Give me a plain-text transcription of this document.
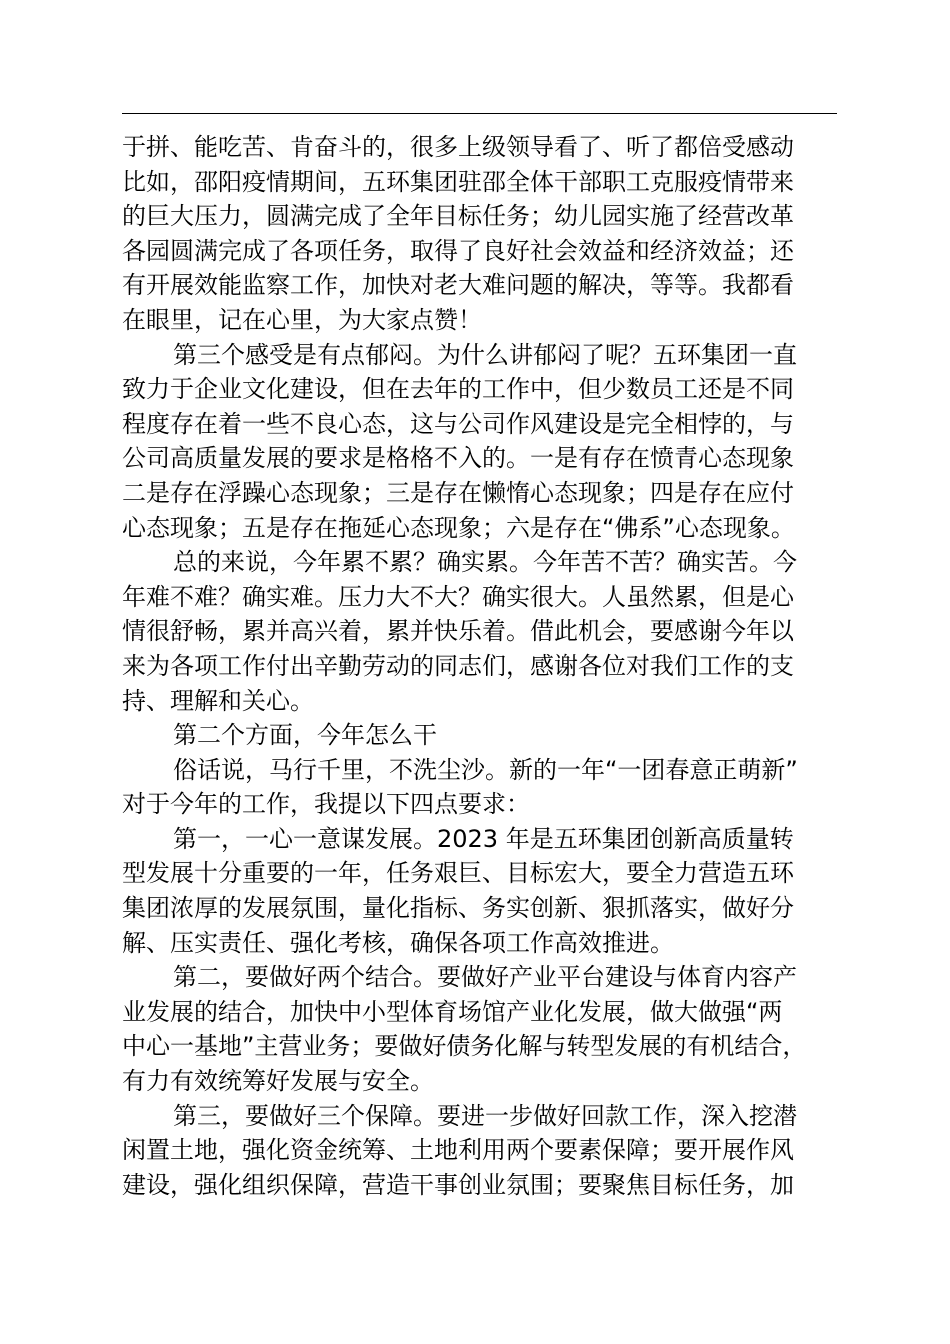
于拼、能吃苦、肯奋斗的，很多上级领导看了、听了都倍受感动
比如，邵阳疫情期间，五环集团驻邵全体干部职工克服疫情带来
的巨大压力，圆满完成了全年目标任务；幼儿园实施了经营改革
各园圆满完成了各项任务，取得了良好社会效益和经济效益；还
有开展效能监察工作，加快对老大难问题的解决，等等。我都看
在眼里，记在心里，为大家点赞！
第三个感受是有点郁闷。为什么讲郁闷了呢？五环集团一直
致力于企业文化建设，但在去年的工作中，但少数员工还是不同
程度存在着一些不良心态，这与公司作风建设是完全相悖的，与
公司高质量发展的要求是格格不入的。一是有存在愤青心态现象
二是存在浮躁心态现象；三是存在懒惰心态现象；四是存在应付
心态现象；五是存在拖延心态现象；六是存在“佛系”心态现象。
总的来说，今年累不累？确实累。今年苦不苦？确实苦。今
年难不难？确实难。压力大不大？确实很大。人虽然累，但是心
情很舒畅，累并高兴着，累并快乐着。借此机会，要感谢今年以
来为各项工作付出辛勤劳动的同志们，感谢各位对我们工作的支
持、理解和关心。
第二个方面，今年怎么干
俗话说，马行千里，不洗尘沙。新的一年“一团春意正萌新”
对于今年的工作，我提以下四点要求：
第一，一心一意谋发展。2023 年是五环集团创新高质量转
型发展十分重要的一年，任务艰巨、目标宏大，要全力营造五环
集团浓厚的发展氛围，量化指标、务实创新、狠抓落实，做好分
解、压实责任、强化考核，确保各项工作高效推进。
第二，要做好两个结合。要做好产业平台建设与体育内容产
业发展的结合，加快中小型体育场馆产业化发展，做大做强“两
中心一基地”主营业务；要做好债务化解与转型发展的有机结合，
有力有效统筹好发展与安全。
第三，要做好三个保障。要进一步做好回款工作，深入挖潜
闲置土地，强化资金统筹、土地利用两个要素保障；要开展作风
建设，强化组织保障，营造干事创业氛围；要聚焦目标任务，加
